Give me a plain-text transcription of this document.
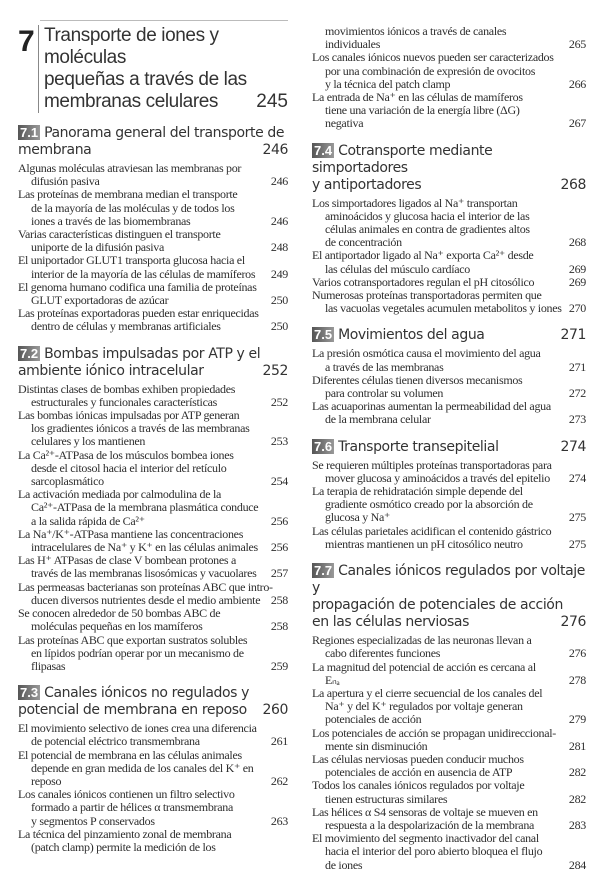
7 Transporte de iones y moléculas
pequeñas a través de las
membranas celulares 245
7.1 Panorama general del transporte de
membrana	246
Algunas moléculas atraviesan las membranas por
difusión pasiva	246
Las proteínas de membrana median el transporte
de la mayoría de las moléculas y de todos los
iones a través de las biomembranas	246
Varias características distinguen el transporte
uniporte de la difusión pasiva	248
El uniportador GLUT1 transporta glucosa hacia el
interior de la mayoría de las células de mamíferos 249
El genoma humano codifica una familia de proteínas
GLUT exportadoras de azúcar	250
Las proteínas exportadoras pueden estar enriquecidas
dentro de células y membranas artificiales	250
7.2 Bombas impulsadas por ATP y el
ambiente iónico intracelular	252
Distintas clases de bombas exhiben propiedades
estructurales y funcionales características	252
Las bombas iónicas impulsadas por ATP generan
los gradientes iónicos a través de las membranas
celulares y los mantienen	253
La Ca²⁺-ATPasa de los músculos bombea iones
desde el citosol hacia el interior del retículo
sarcoplasmático	254
La activación mediada por calmodulina de la
Ca²⁺-ATPasa de la membrana plasmática conduce
a la salida rápida de Ca²⁺	256
La Na⁺/K⁺-ATPasa mantiene las concentraciones
intracelulares de Na⁺ y K⁺ en las células animales 256
Las H⁺ ATPasas de clase V bombean protones a
través de las membranas lisosómicas y vacuolares 257
Las permeasas bacterianas son proteínas ABC que intro-
ducen diversos nutrientes desde el medio ambiente 258
Se conocen alrededor de 50 bombas ABC de
moléculas pequeñas en los mamíferos	258
Las proteínas ABC que exportan sustratos solubles
en lípidos podrían operar por un mecanismo de
flipasas	259
7.3 Canales iónicos no regulados y
potencial de membrana en reposo 260
El movimiento selectivo de iones crea una diferencia
de potencial eléctrico transmembrana	261
El potencial de membrana en las células animales
depende en gran medida de los canales del K⁺ en
reposo	262
Los canales iónicos contienen un filtro selectivo
formado a partir de hélices α transmembrana
y segmentos P conservados	263
La técnica del pinzamiento zonal de membrana
(patch clamp) permite la medición de los
movimientos iónicos a través de canales
individuales	265
Los canales iónicos nuevos pueden ser caracterizados
por una combinación de expresión de ovocitos
y la técnica del patch clamp	266
La entrada de Na⁺ en las células de mamíferos
tiene una variación de la energía libre (ΔG)
negativa	267
7.4 Cotransporte mediante simportadores
y antiportadores	268
Los simportadores ligados al Na⁺ transportan
aminoácidos y glucosa hacia el interior de las
células animales en contra de gradientes altos
de concentración	268
El antiportador ligado al Na⁺ exporta Ca²⁺ desde
las células del músculo cardíaco	269
Varios cotransportadores regulan el pH citosólico	269
Numerosas proteínas transportadoras permiten que
las vacuolas vegetales acumulen metabolitos y iones 270
7.5 Movimientos del agua	271
La presión osmótica causa el movimiento del agua
a través de las membranas	271
Diferentes células tienen diversos mecanismos
para controlar su volumen	272
Las acuaporinas aumentan la permeabilidad del agua
de la membrana celular	273
7.6 Transporte transepitelial	274
Se requieren múltiples proteínas transportadoras para
mover glucosa y aminoácidos a través del epitelio 274
La terapia de rehidratación simple depende del
gradiente osmótico creado por la absorción de
glucosa y Na⁺	275
Las células parietales acidifican el contenido gástrico
mientras mantienen un pH citosólico neutro	275
7.7 Canales iónicos regulados por voltaje y
propagación de potenciales de acción
en las células nerviosas	276
Regiones especializadas de las neuronas llevan a
cabo diferentes funciones	276
La magnitud del potencial de acción es cercana al
Eₙₐ	278
La apertura y el cierre secuencial de los canales del
Na⁺ y del K⁺ regulados por voltaje generan
potenciales de acción	279
Los potenciales de acción se propagan unidireccional-
mente sin disminución	281
Las células nerviosas pueden conducir muchos
potenciales de acción en ausencia de ATP	282
Todos los canales iónicos regulados por voltaje
tienen estructuras similares	282
Las hélices α S4 sensoras de voltaje se mueven en
respuesta a la despolarización de la membrana	283
El movimiento del segmento inactivador del canal
hacia el interior del poro abierto bloquea el flujo
de iones	284
